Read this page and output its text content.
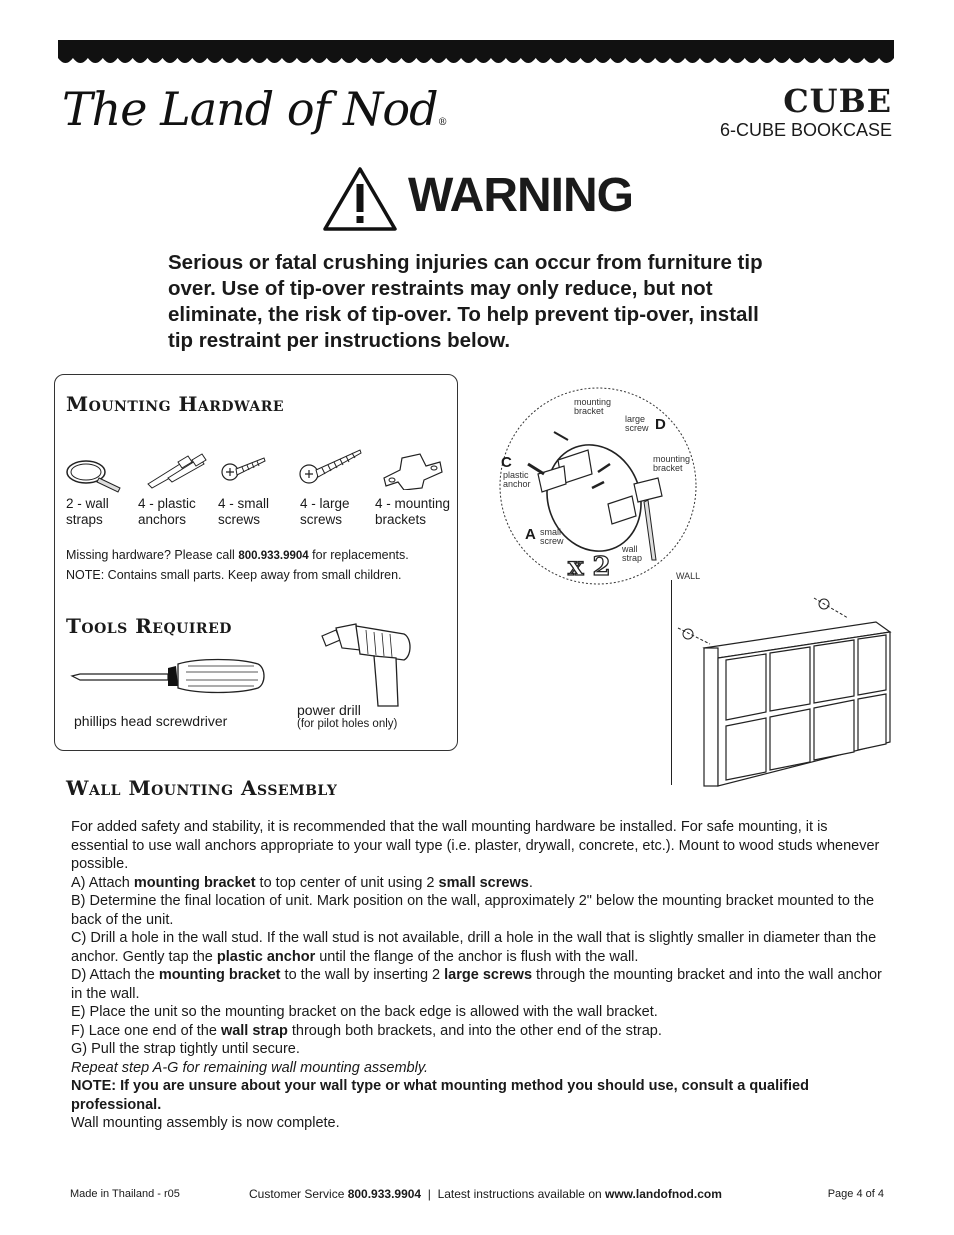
The Land of Nod®
CUBE
6-CUBE BOOKCASE
WARNING
Serious or fatal crushing injuries can occur from furniture tip over. Use of tip-over restraints may only reduce, but not eliminate, the risk of tip-over. To help prevent tip-over, install tip restraint per instructions below.
Mounting Hardware
2 - wall
straps
4 - plastic
anchors
4 - small
screws
4 - large
screws
4 - mounting
brackets
Missing hardware? Please call 800.933.9904 for replacements.
NOTE: Contains small parts. Keep away from small children.
Tools Required
phillips head screwdriver
power drill
(for pilot holes only)
mounting
bracket
large
screw D
mounting
bracket
C
plastic
anchor
A small
screw
wall
strap
x 2	WALL
Wall Mounting Assembly

For added safety and stability, it is recommended that the wall mounting hardware be installed. For safe mounting, it is essential to use wall anchors appropriate to your wall type (i.e. plaster, drywall, concrete, etc.). Mount to wood studs whenever possible.

A) Attach mounting bracket to top center of unit using 2 small screws.

B) Determine the final location of unit. Mark position on the wall, approximately 2" below the mounting bracket mounted to the back of the unit.

C) Drill a hole in the wall stud. If the wall stud is not available, drill a hole in the wall that is slightly smaller in diameter than the anchor. Gently tap the plastic anchor until the flange of the anchor is flush with the wall.

D) Attach the mounting bracket to the wall by inserting 2 large screws through the mounting bracket and into the wall anchor in the wall.

E) Place the unit so the mounting bracket on the back edge is allowed with the wall bracket.

F) Lace one end of the wall strap through both brackets, and into the other end of the strap.

G) Pull the strap tightly until secure.

Repeat step A-G for remaining wall mounting assembly.

NOTE: If you are unsure about your wall type or what mounting method you should use, consult a qualified professional.

Wall mounting assembly is now complete.

Made in Thailand - r05	Customer Service 800.933.9904  |  Latest instructions available on www.landofnod.com	Page 4 of 4
